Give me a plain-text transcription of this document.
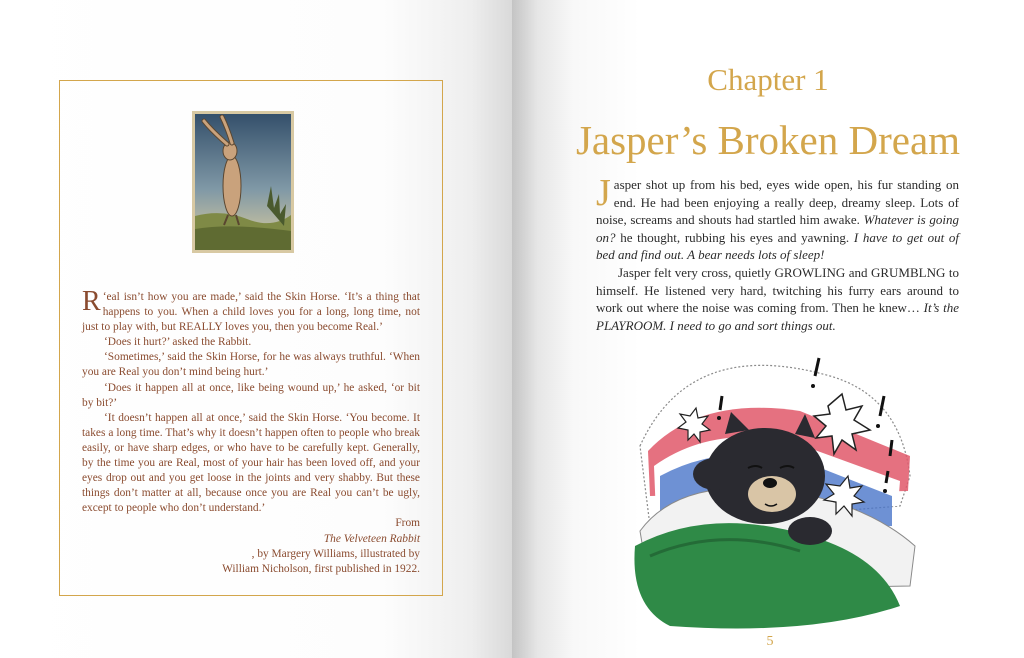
‘
R eal isn’t how you are made,’ said the Skin Horse. ‘It’s a thing that happens to you. When a child loves you for a long, long time, not just to play with, but REALLY loves you, then you become Real.’

‘Does it hurt?’ asked the Rabbit.

‘Sometimes,’ said the Skin Horse, for he was always truthful. ‘When you are Real you don’t mind being hurt.’

‘Does it happen all at once, like being wound up,’ he asked, ‘or bit by bit?’

‘It doesn’t happen all at once,’ said the Skin Horse. ‘You become. It takes a long time. That’s why it doesn’t happen often to people who break easily, or have sharp edges, or who have to be carefully kept. Generally, by the time you are Real, most of your hair has been loved off, and your eyes drop out and you get loose in the joints and very shabby. But these things don’t matter at all, because once you are Real you can’t be ugly, except to people who don’t understand.’

From
The Velveteen Rabbit
, by Margery Williams, illustrated by
William Nicholson, first published in 1922.

Chapter 1
Jasper’s Broken Dream

Jasper shot up from his bed, eyes wide open, his fur standing on end. He had been enjoying a really deep, dreamy sleep. Lots of noise, screams and shouts had startled him awake. Whatever is going on? he thought, rubbing his eyes and yawning. I have to get out of bed and find out. A bear needs lots of sleep!

Jasper felt very cross, quietly GROWLING and GRUMBLNG to himself. He listened very hard, twitching his furry ears around to work out where the noise was coming from. Then he knew… It’s the PLAYROOM. I need to go and sort things out.

5
